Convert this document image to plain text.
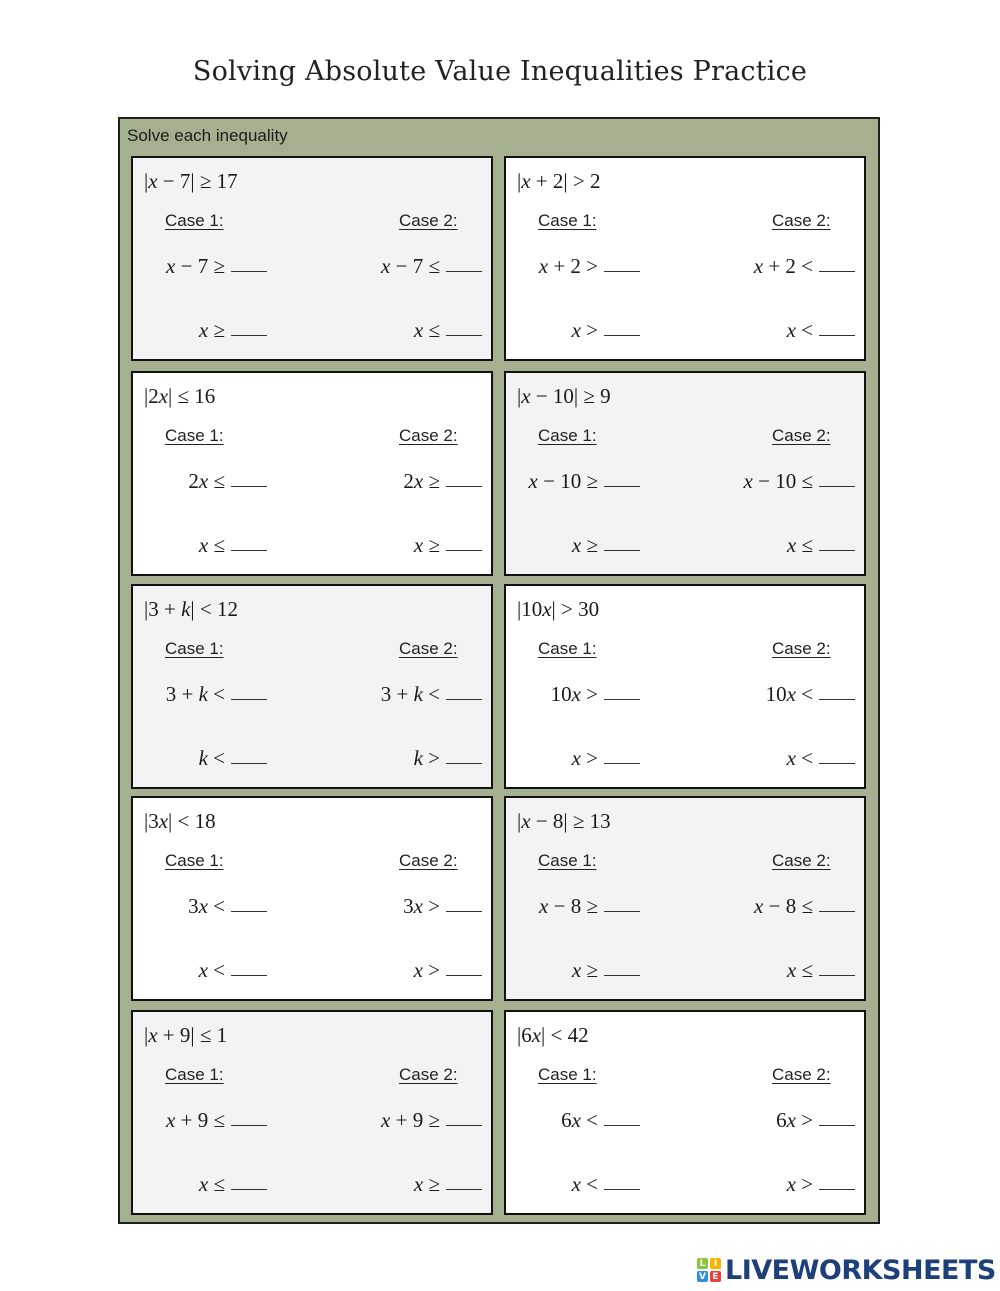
Solving Absolute Value Inequalities Practice
Solve each inequality
|x − 7| ≥ 17
Case 1:	Case 2:
x − 7 ≥	x − 7 ≤
x ≥	x ≤
|x + 2| > 2
Case 1:	Case 2:
x + 2 >	x + 2 <
x >	x <
|2x| ≤ 16
Case 1:	Case 2:
2x ≤	2x ≥
x ≤	x ≥
|x − 10| ≥ 9
Case 1:	Case 2:
x − 10 ≥	x − 10 ≤
x ≥	x ≤
|3 + k| < 12
Case 1:	Case 2:
3 + k <	3 + k <
k <	k >
|10x| > 30
Case 1:	Case 2:
10x >	10x <
x >	x <
|3x| < 18
Case 1:	Case 2:
3x <	3x >
x <	x >
|x − 8| ≥ 13
Case 1:	Case 2:
x − 8 ≥	x − 8 ≤
x ≥	x ≤
|x + 9| ≤ 1
Case 1:	Case 2:
x + 9 ≤	x + 9 ≥
x ≤	x ≥
|6x| < 42
Case 1:	Case 2:
6x <	6x >
x <	x >
L I
V E LIVEWORKSHEETS
